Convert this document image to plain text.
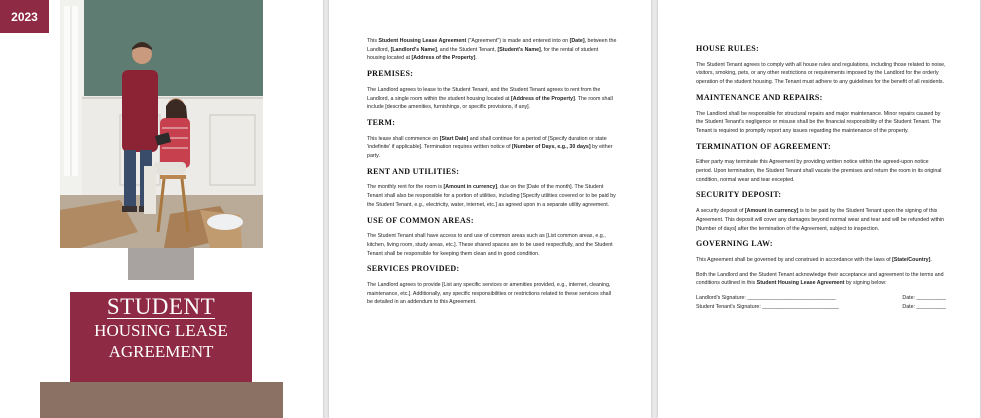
2023
STUDENT
HOUSING LEASE
AGREEMENT

This Student Housing Lease Agreement ("Agreement") is made and entered into on [Date], between the Landlord, [Landlord's Name], and the Student Tenant, [Student's Name], for the rental of student housing located at [Address of the Property].

PREMISES:

The Landlord agrees to lease to the Student Tenant, and the Student Tenant agrees to rent from the Landlord, a single room within the student housing located at [Address of the Property]. The room shall include [describe amenities, furnishings, or specific provisions, if any].

TERM:

This lease shall commence on [Start Date] and shall continue for a period of [Specify duration or state 'indefinite' if applicable]. Termination requires written notice of [Number of Days, e.g., 30 days] by either party.

RENT AND UTILITIES:

The monthly rent for the room is [Amount in currency], due on the [Date of the month]. The Student Tenant shall also be responsible for a portion of utilities, including [Specify utilities covered or to be paid by the Student Tenant, e.g., electricity, water, internet, etc.] as agreed upon in a separate utility agreement.

USE OF COMMON AREAS:

The Student Tenant shall have access to and use of common areas such as [List common areas, e.g., kitchen, living room, study areas, etc.]. These shared spaces are to be used respectfully, and the Student Tenant shall be responsible for keeping them clean and in good condition.

SERVICES PROVIDED:

The Landlord agrees to provide [List any specific services or amenities provided, e.g., internet, cleaning, maintenance, etc.]. Additionally, any specific responsibilities or restrictions related to these services shall be detailed in an addendum to this Agreement.

HOUSE RULES:

The Student Tenant agrees to comply with all house rules and regulations, including those related to noise, visitors, smoking, pets, or any other restrictions or requirements imposed by the Landlord for the orderly operation of the student housing. The Tenant must adhere to any guidelines for the benefit of all residents.

MAINTENANCE AND REPAIRS:

The Landlord shall be responsible for structural repairs and major maintenance. Minor repairs caused by the Student Tenant's negligence or misuse shall be the financial responsibility of the Student Tenant. The Tenant is required to promptly report any issues regarding the maintenance of the property.

TERMINATION OF AGREEMENT:

Either party may terminate this Agreement by providing written notice within the agreed-upon notice period. Upon termination, the Student Tenant shall vacate the premises and return the room in its original condition, normal wear and tear excepted.

SECURITY DEPOSIT:

A security deposit of [Amount in currency] is to be paid by the Student Tenant upon the signing of this Agreement. This deposit will cover any damages beyond normal wear and tear and will be refunded within [Number of days] after the termination of the Agreement, subject to inspection.

GOVERNING LAW:

This Agreement shall be governed by and construed in accordance with the laws of [State/Country].

Both the Landlord and the Student Tenant acknowledge their acceptance and agreement to the terms and conditions outlined in this Student Housing Lease Agreement by signing below:

Landlord's Signature: ______________________________	Date: __________
Student Tenant's Signature: __________________________	Date: __________
